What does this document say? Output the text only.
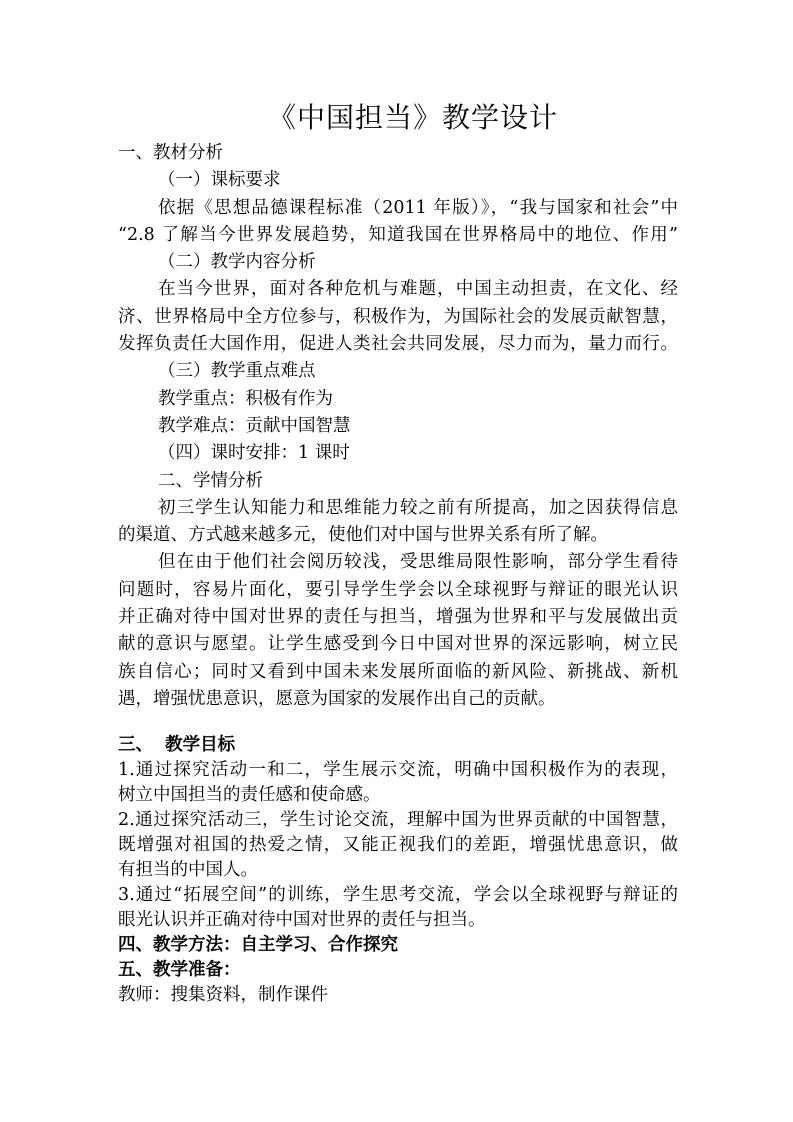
《中国担当》教学设计

一、教材分析

（一）课标要求

依据《思想品德课程标准（2011 年版）》，“我与国家和社会”中

“2.8 了解当今世界发展趋势，知道我国在世界格局中的地位、作用”

（二）教学内容分析

在当今世界，面对各种危机与难题，中国主动担责，在文化、经

济、世界格局中全方位参与，积极作为，为国际社会的发展贡献智慧，

发挥负责任大国作用，促进人类社会共同发展，尽力而为，量力而行。

（三）教学重点难点

教学重点：积极有作为

教学难点：贡献中国智慧

（四）课时安排：1 课时

二、学情分析

初三学生认知能力和思维能力较之前有所提高，加之因获得信息

的渠道、方式越来越多元，使他们对中国与世界关系有所了解。

但在由于他们社会阅历较浅，受思维局限性影响，部分学生看待

问题时，容易片面化，要引导学生学会以全球视野与辩证的眼光认识

并正确对待中国对世界的责任与担当，增强为世界和平与发展做出贡

献的意识与愿望。让学生感受到今日中国对世界的深远影响，树立民

族自信心；同时又看到中国未来发展所面临的新风险、新挑战、新机

遇，增强忧患意识，愿意为国家的发展作出自己的贡献。

三、  教学目标

1.通过探究活动一和二，学生展示交流，明确中国积极作为的表现，

树立中国担当的责任感和使命感。

2.通过探究活动三，学生讨论交流，理解中国为世界贡献的中国智慧，

既增强对祖国的热爱之情，又能正视我们的差距，增强忧患意识，做

有担当的中国人。

3.通过“拓展空间”的训练，学生思考交流，学会以全球视野与辩证的

眼光认识并正确对待中国对世界的责任与担当。

四、教学方法：自主学习、合作探究

五、教学准备：

教师：搜集资料，制作课件
